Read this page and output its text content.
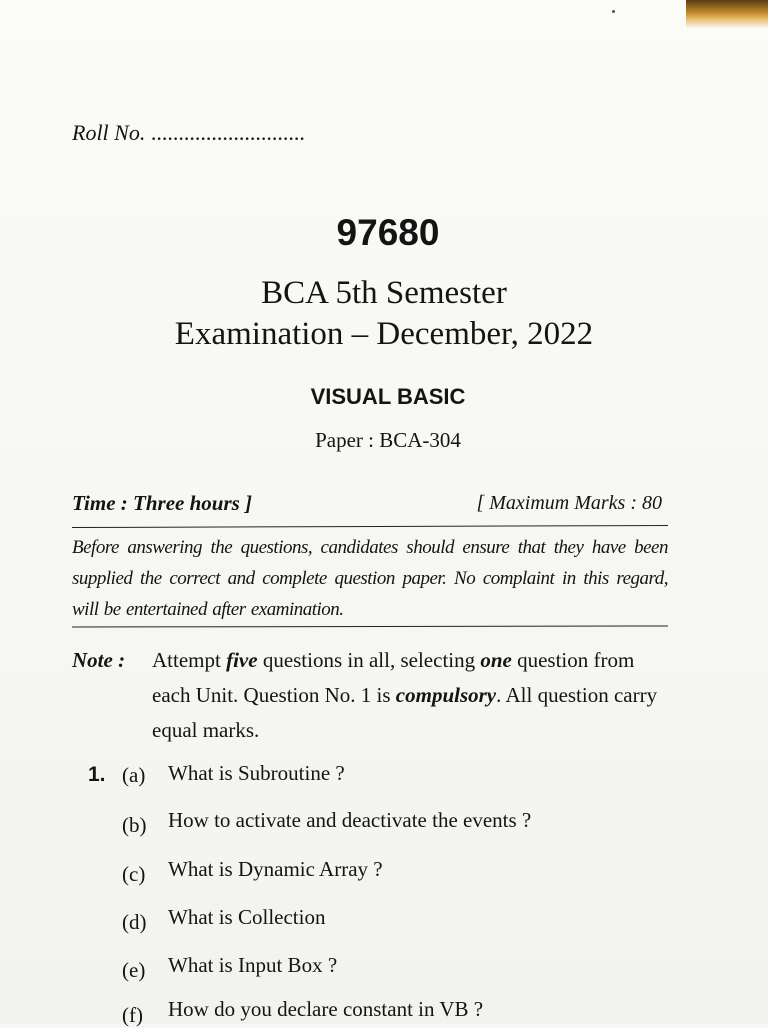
Roll No. ............................
97680
BCA 5th Semester
Examination – December, 2022
VISUAL BASIC
Paper : BCA-304
Time : Three hours ]	[ Maximum Marks : 80
Before answering the questions, candidates should ensure that they have been supplied the correct and complete question paper. No complaint in this regard, will be entertained after examination.
Note : Attempt five questions in all, selecting one question from each Unit. Question No. 1 is compulsory. All question carry equal marks.
1. (a) What is Subroutine ?
(b) How to activate and deactivate the events ?
(c) What is Dynamic Array ?
(d) What is Collection
(e) What is Input Box ?
(f) How do you declare constant in VB ?
